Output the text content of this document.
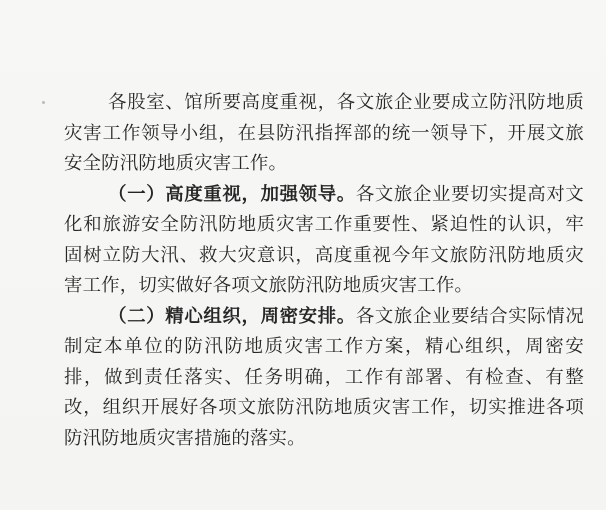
各股室、馆所要高度重视，各文旅企业要成立防汛防地质灾害工作领导小组，在县防汛指挥部的统一领导下，开展文旅安全防汛防地质灾害工作。

（一）高度重视，加强领导。各文旅企业要切实提高对文化和旅游安全防汛防地质灾害工作重要性、紧迫性的认识，牢固树立防大汛、救大灾意识，高度重视今年文旅防汛防地质灾害工作，切实做好各项文旅防汛防地质灾害工作。

（二）精心组织，周密安排。各文旅企业要结合实际情况制定本单位的防汛防地质灾害工作方案，精心组织，周密安排，做到责任落实、任务明确，工作有部署、有检查、有整改，组织开展好各项文旅防汛防地质灾害工作，切实推进各项防汛防地质灾害措施的落实。
